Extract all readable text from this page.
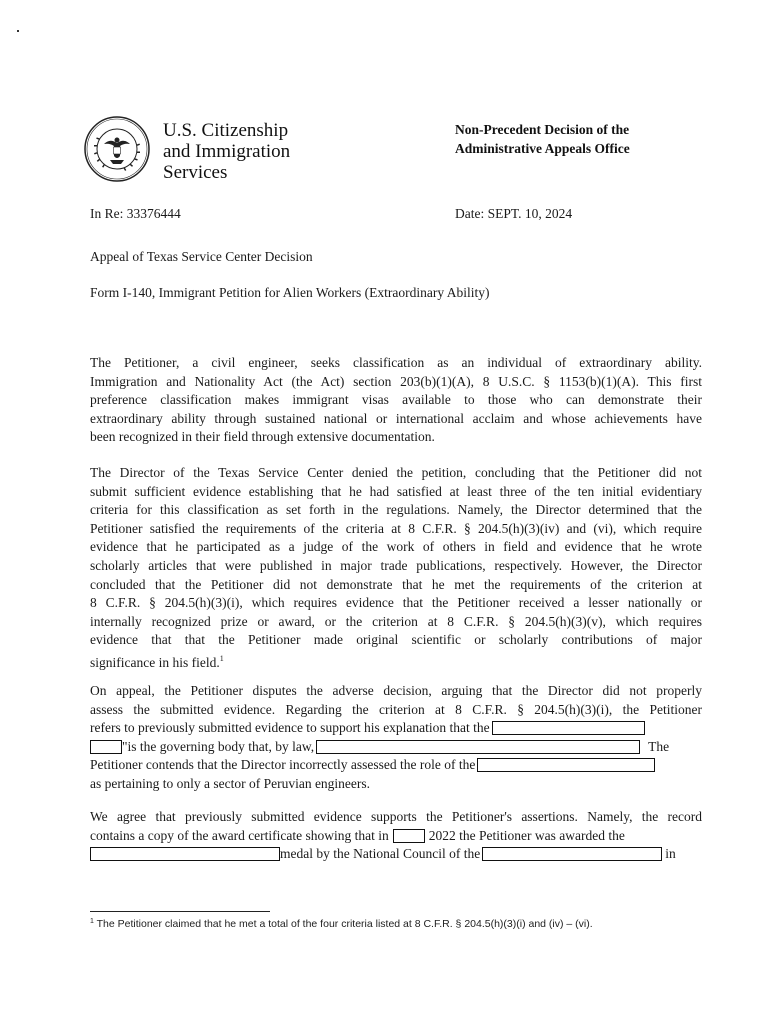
U.S. Citizenship
and Immigration
Services
Non-Precedent Decision of the
Administrative Appeals Office
In Re: 33376444	Date: SEPT. 10, 2024
Appeal of Texas Service Center Decision
Form I-140, Immigrant Petition for Alien Workers (Extraordinary Ability)
The Petitioner, a civil engineer, seeks classification as an individual of extraordinary ability.
Immigration and Nationality Act (the Act) section 203(b)(1)(A), 8 U.S.C. § 1153(b)(1)(A). This first
preference classification makes immigrant visas available to those who can demonstrate their
extraordinary ability through sustained national or international acclaim and whose achievements have
been recognized in their field through extensive documentation.
The Director of the Texas Service Center denied the petition, concluding that the Petitioner did not
submit sufficient evidence establishing that he had satisfied at least three of the ten initial evidentiary
criteria for this classification as set forth in the regulations. Namely, the Director determined that the
Petitioner satisfied the requirements of the criteria at 8 C.F.R. § 204.5(h)(3)(iv) and (vi), which require
evidence that he participated as a judge of the work of others in field and evidence that he wrote
scholarly articles that were published in major trade publications, respectively. However, the Director
concluded that the Petitioner did not demonstrate that he met the requirements of the criterion at
8 C.F.R. § 204.5(h)(3)(i), which requires evidence that the Petitioner received a lesser nationally or
internally recognized prize or award, or the criterion at 8 C.F.R. § 204.5(h)(3)(v), which requires
evidence that that the Petitioner made original scientific or scholarly contributions of major
significance in his field.$^1$
On appeal, the Petitioner disputes the adverse decision, arguing that the Director did not properly
assess the submitted evidence. Regarding the criterion at 8 C.F.R. § 204.5(h)(3)(i), the Petitioner
refers to previously submitted evidence to support his explanation that the
"is the governing body that, by law,	The
Petitioner contends that the Director incorrectly assessed the role of the
as pertaining to only a sector of Peruvian engineers.
We agree that previously submitted evidence supports the Petitioner's assertions. Namely, the record
contains a copy of the award certificate showing that in	2022 the Petitioner was awarded the
medal by the National Council of the	in
$^1$ The Petitioner claimed that he met a total of the four criteria listed at 8 C.F.R. § 204.5(h)(3)(i) and (iv) – (vi).
